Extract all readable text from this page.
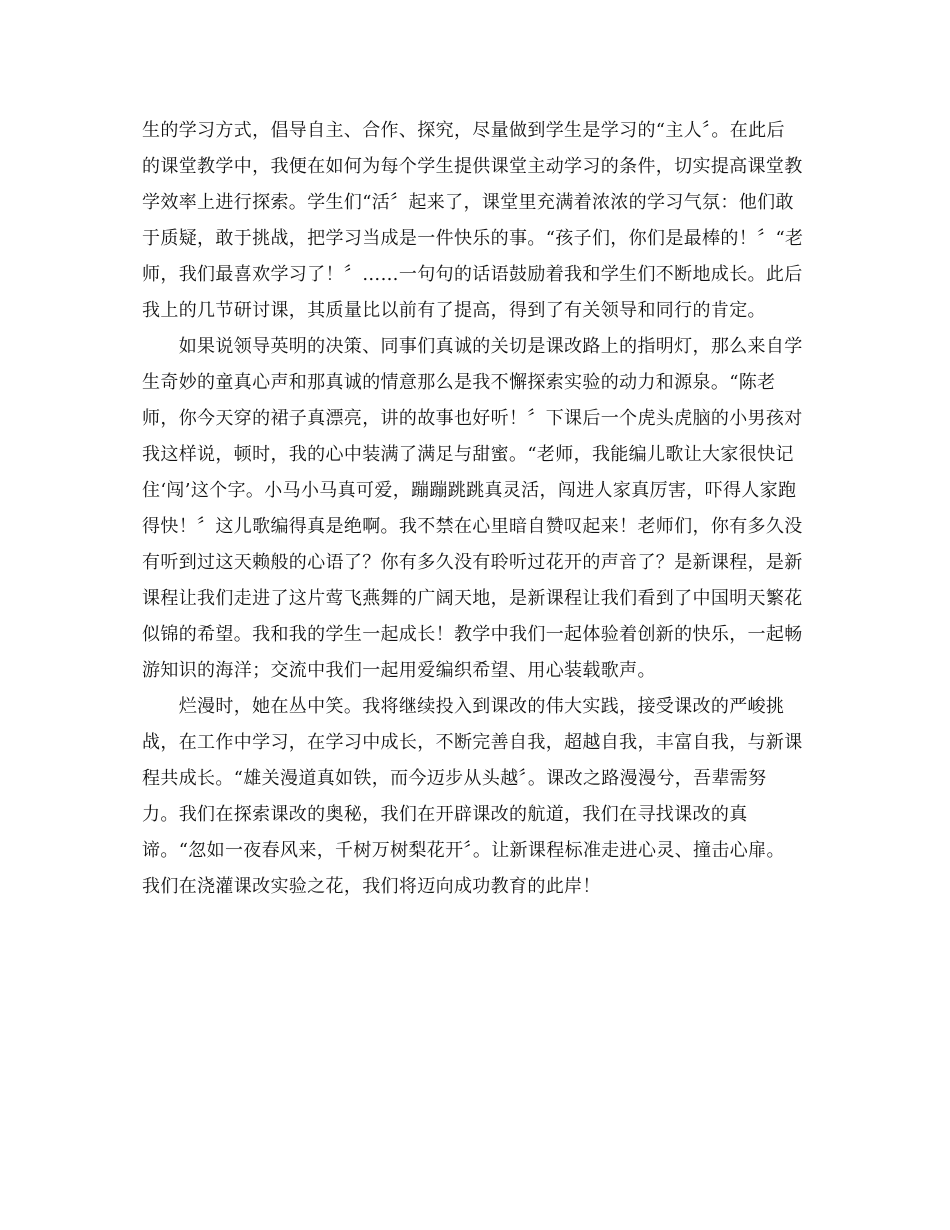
生的学习方式，倡导自主、合作、探究，尽量做到学生是学习的“主人〞。在此后
的课堂教学中，我便在如何为每个学生提供课堂主动学习的条件，切实提高课堂教
学效率上进行探索。学生们“活〞起来了，课堂里充满着浓浓的学习气氛：他们敢
于质疑，敢于挑战，把学习当成是一件快乐的事。“孩子们，你们是最棒的！〞“老
师，我们最喜欢学习了！〞……一句句的话语鼓励着我和学生们不断地成长。此后
我上的几节研讨课，其质量比以前有了提高，得到了有关领导和同行的肯定。
　　如果说领导英明的决策、同事们真诚的关切是课改路上的指明灯，那么来自学
生奇妙的童真心声和那真诚的情意那么是我不懈探索实验的动力和源泉。“陈老
师，你今天穿的裙子真漂亮，讲的故事也好听！〞下课后一个虎头虎脑的小男孩对
我这样说，顿时，我的心中装满了满足与甜蜜。“老师，我能编儿歌让大家很快记
住‘闯’这个字。小马小马真可爱，蹦蹦跳跳真灵活，闯进人家真厉害，吓得人家跑
得快！〞这儿歌编得真是绝啊。我不禁在心里暗自赞叹起来！老师们，你有多久没
有听到过这天赖般的心语了？你有多久没有聆听过花开的声音了？是新课程，是新
课程让我们走进了这片莺飞燕舞的广阔天地，是新课程让我们看到了中国明天繁花
似锦的希望。我和我的学生一起成长！教学中我们一起体验着创新的快乐，一起畅
游知识的海洋；交流中我们一起用爱编织希望、用心装载歌声。
　　烂漫时，她在丛中笑。我将继续投入到课改的伟大实践，接受课改的严峻挑
战，在工作中学习，在学习中成长，不断完善自我，超越自我，丰富自我，与新课
程共成长。“雄关漫道真如铁，而今迈步从头越〞。课改之路漫漫兮，吾辈需努
力。我们在探索课改的奥秘，我们在开辟课改的航道，我们在寻找课改的真
谛。“忽如一夜春风来，千树万树梨花开〞。让新课程标准走进心灵、撞击心扉。
我们在浇灌课改实验之花，我们将迈向成功教育的此岸！
